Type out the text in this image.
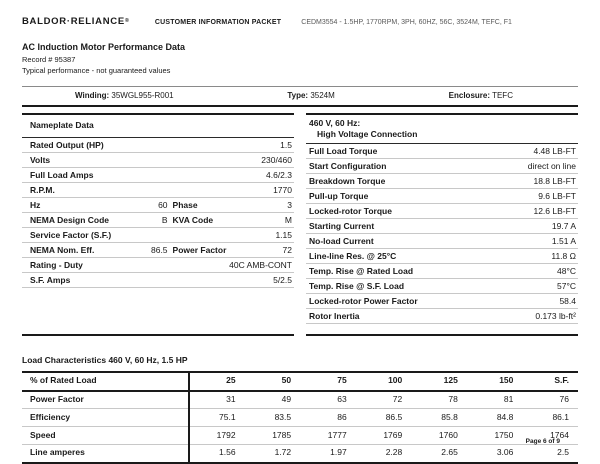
BALDOR·RELIANCE®	CUSTOMER INFORMATION PACKET	CEDM3554 - 1.5HP, 1770RPM, 3PH, 60HZ, 56C, 3524M, TEFC, F1
AC Induction Motor Performance Data
Record # 95387
Typical performance - not guaranteed values
Winding: 35WGL955-R001	Type: 3524M	Enclosure: TEFC
Nameplate Data
Rated Output (HP)	1.5
Volts	230/460
Full Load Amps	4.6/2.3
R.P.M.	1770
Hz	60 Phase	3
NEMA Design Code	B KVA Code	M
Service Factor (S.F.)	1.15
NEMA Nom. Eff.	86.5 Power Factor	72
Rating - Duty	40C AMB-CONT
S.F. Amps	5/2.5
460 V, 60 Hz:
High Voltage Connection
Full Load Torque	4.48 LB-FT
Start Configuration	direct on line
Breakdown Torque	18.8 LB-FT
Pull-up Torque	9.6 LB-FT
Locked-rotor Torque	12.6 LB-FT
Starting Current	19.7 A
No-load Current	1.51 A
Line-line Res. @ 25°C	11.8 Ω
Temp. Rise @ Rated Load	48°C
Temp. Rise @ S.F. Load	57°C
Locked-rotor Power Factor	58.4
Rotor Inertia	0.173 lb-ft²
Load Characteristics 460 V, 60 Hz, 1.5 HP
% of Rated Load	25	50	75	100	125	150	S.F.
Power Factor	31	49	63	72	78	81	76
Efficiency	75.1	83.5	86	86.5	85.8	84.8	86.1
Speed	1792	1785	1777	1769	1760	1750	1764
Line amperes	1.56	1.72	1.97	2.28	2.65	3.06	2.5
Page 6 of 9
